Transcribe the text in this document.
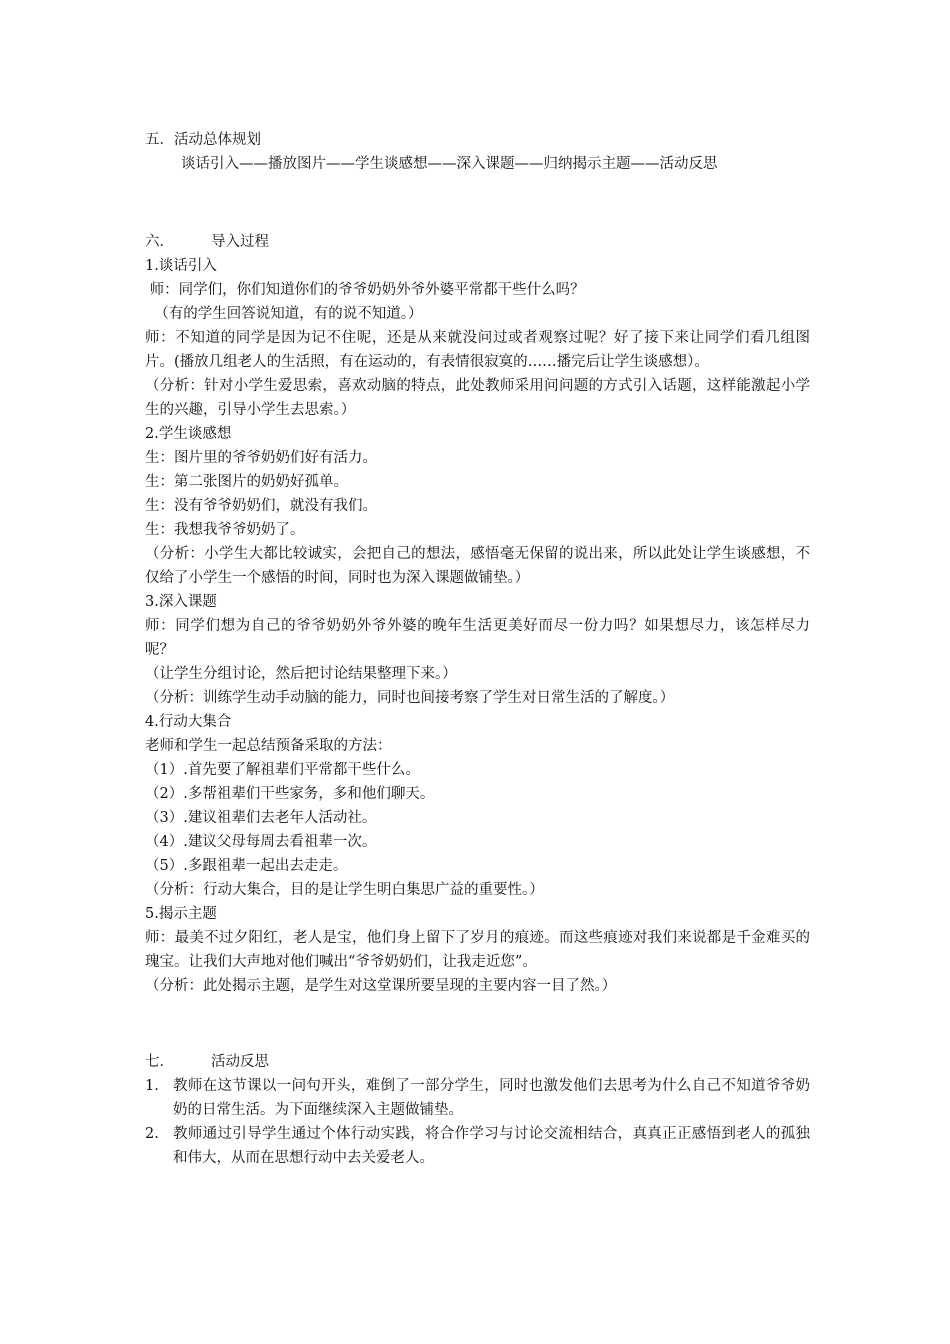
五．活动总体规划

谈话引入——播放图片——学生谈感想——深入课题——归纳揭示主题——活动反思

六．	导入过程

1.谈话引入

师：同学们，你们知道你们的爷爷奶奶外爷外婆平常都干些什么吗？

（有的学生回答说知道，有的说不知道。）

师：不知道的同学是因为记不住呢，还是从来就没问过或者观察过呢？好了接下来让同学们看几组图片。(播放几组老人的生活照，有在运动的，有表情很寂寞的……播完后让学生谈感想）。

（分析：针对小学生爱思索，喜欢动脑的特点，此处教师采用问问题的方式引入话题，这样能激起小学生的兴趣，引导小学生去思索。）

2.学生谈感想

生：图片里的爷爷奶奶们好有活力。

生：第二张图片的奶奶好孤单。

生：没有爷爷奶奶们，就没有我们。

生：我想我爷爷奶奶了。

（分析：小学生大都比较诚实，会把自己的想法，感悟毫无保留的说出来，所以此处让学生谈感想，不仅给了小学生一个感悟的时间，同时也为深入课题做铺垫。）

3.深入课题

师：同学们想为自己的爷爷奶奶外爷外婆的晚年生活更美好而尽一份力吗？如果想尽力，该怎样尽力呢？

（让学生分组讨论，然后把讨论结果整理下来。）

（分析：训练学生动手动脑的能力，同时也间接考察了学生对日常生活的了解度。）

4.行动大集合

老师和学生一起总结预备采取的方法：

（1）.首先要了解祖辈们平常都干些什么。

（2）.多帮祖辈们干些家务，多和他们聊天。

（3）.建议祖辈们去老年人活动社。

（4）.建议父母每周去看祖辈一次。

（5）.多跟祖辈一起出去走走。

（分析：行动大集合，目的是让学生明白集思广益的重要性。）

5.揭示主题

师：最美不过夕阳红，老人是宝，他们身上留下了岁月的痕迹。而这些痕迹对我们来说都是千金难买的瑰宝。让我们大声地对他们喊出“爷爷奶奶们，让我走近您”。

（分析：此处揭示主题，是学生对这堂课所要呈现的主要内容一目了然。）

七．	活动反思

1. 教师在这节课以一问句开头，难倒了一部分学生，同时也激发他们去思考为什么自己不知道爷爷奶奶的日常生活。为下面继续深入主题做铺垫。
2. 教师通过引导学生通过个体行动实践，将合作学习与讨论交流相结合，真真正正感悟到老人的孤独和伟大，从而在思想行动中去关爱老人。
